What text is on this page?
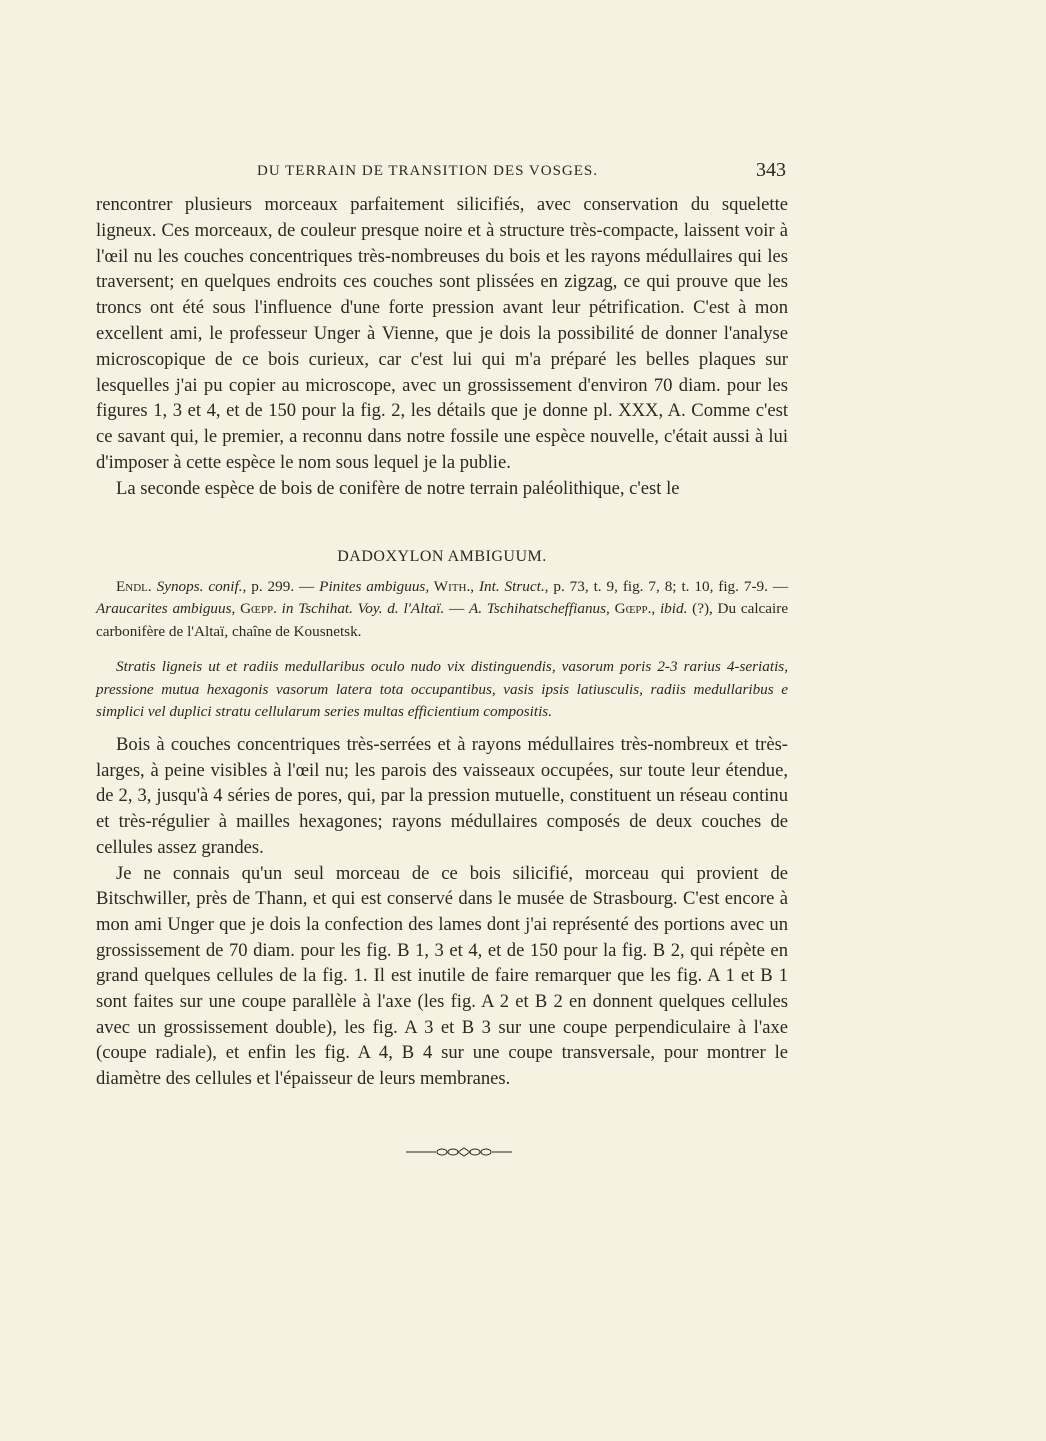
DU TERRAIN DE TRANSITION DES VOSGES.	343

rencontrer plusieurs morceaux parfaitement silicifiés, avec conservation du squelette ligneux. Ces morceaux, de couleur presque noire et à structure très-compacte, laissent voir à l'œil nu les couches concentriques très-nombreuses du bois et les rayons médullaires qui les traversent; en quelques endroits ces couches sont plissées en zigzag, ce qui prouve que les troncs ont été sous l'influence d'une forte pression avant leur pétrification. C'est à mon excellent ami, le professeur Unger à Vienne, que je dois la possibilité de donner l'analyse microscopique de ce bois curieux, car c'est lui qui m'a préparé les belles plaques sur lesquelles j'ai pu copier au microscope, avec un grossissement d'environ 70 diam. pour les figures 1, 3 et 4, et de 150 pour la fig. 2, les détails que je donne pl. XXX, A. Comme c'est ce savant qui, le premier, a reconnu dans notre fossile une espèce nouvelle, c'était aussi à lui d'imposer à cette espèce le nom sous lequel je la publie.

La seconde espèce de bois de conifère de notre terrain paléolithique, c'est le

DADOXYLON AMBIGUUM.

Endl. Synops. conif., p. 299. — Pinites ambiguus, With., Int. Struct., p. 73, t. 9, fig. 7, 8; t. 10, fig. 7-9. — Araucarites ambiguus, Gœpp. in Tschihat. Voy. d. l'Altaï. — A. Tschihatscheffianus, Gœpp., ibid. (?), Du calcaire carbonifère de l'Altaï, chaîne de Kousnetsk.

Stratis ligneis ut et radiis medullaribus oculo nudo vix distinguendis, vasorum poris 2-3 rarius 4-seriatis, pressione mutua hexagonis vasorum latera tota occupantibus, vasis ipsis latiusculis, radiis medullaribus e simplici vel duplici stratu cellularum series multas efficientium compositis.

Bois à couches concentriques très-serrées et à rayons médullaires très-nombreux et très-larges, à peine visibles à l'œil nu; les parois des vaisseaux occupées, sur toute leur étendue, de 2, 3, jusqu'à 4 séries de pores, qui, par la pression mutuelle, constituent un réseau continu et très-régulier à mailles hexagones; rayons médullaires composés de deux couches de cellules assez grandes.

Je ne connais qu'un seul morceau de ce bois silicifié, morceau qui provient de Bitschwiller, près de Thann, et qui est conservé dans le musée de Strasbourg. C'est encore à mon ami Unger que je dois la confection des lames dont j'ai représenté des portions avec un grossissement de 70 diam. pour les fig. B 1, 3 et 4, et de 150 pour la fig. B 2, qui répète en grand quelques cellules de la fig. 1. Il est inutile de faire remarquer que les fig. A 1 et B 1 sont faites sur une coupe parallèle à l'axe (les fig. A 2 et B 2 en donnent quelques cellules avec un grossissement double), les fig. A 3 et B 3 sur une coupe perpendiculaire à l'axe (coupe radiale), et enfin les fig. A 4, B 4 sur une coupe transversale, pour montrer le diamètre des cellules et l'épaisseur de leurs membranes.
